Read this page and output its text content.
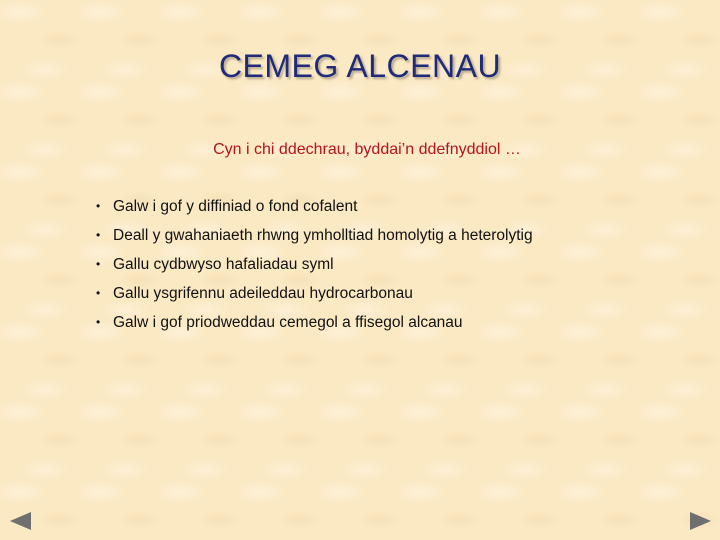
CEMEG ALCENAU
Cyn i chi ddechrau, byddai’n ddefnyddiol …
• Galw i gof y diffiniad o fond cofalent
• Deall y gwahaniaeth rhwng ymholltiad homolytig a heterolytig
• Gallu cydbwyso hafaliadau syml
• Gallu ysgrifennu adeileddau hydrocarbonau
• Galw i gof priodweddau cemegol a ffisegol alcanau
